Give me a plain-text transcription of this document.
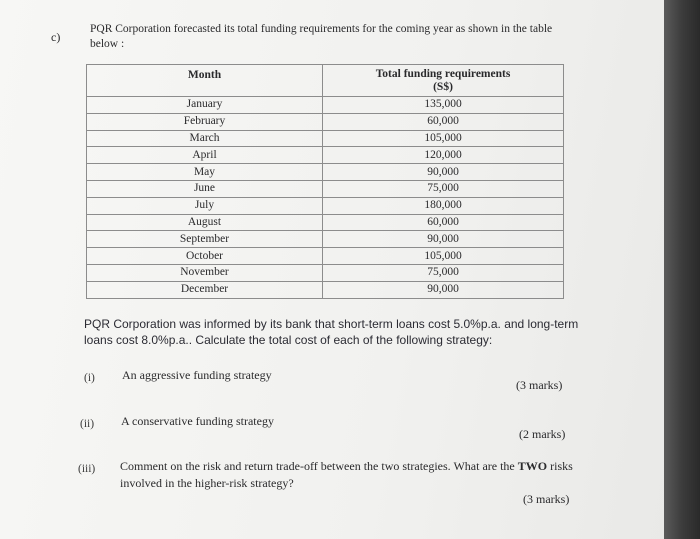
c)
PQR Corporation forecasted its total funding requirements for the coming year as shown in the table below :
Month	Total funding requirements
(S$)

January	135,000
February	60,000
March	105,000
April	120,000
May	90,000
June	75,000
July	180,000
August	60,000
September	90,000
October	105,000
November	75,000
December	90,000
PQR Corporation was informed by its bank that short-term loans cost 5.0%p.a. and long-term loans cost 8.0%p.a.. Calculate the total cost of each of the following strategy:
(i) An aggressive funding strategy
(3 marks)
(ii) A conservative funding strategy
(2 marks)
(iii) Comment on the risk and return trade-off between the two strategies. What are the TWO risks involved in the higher-risk strategy?
(3 marks)
